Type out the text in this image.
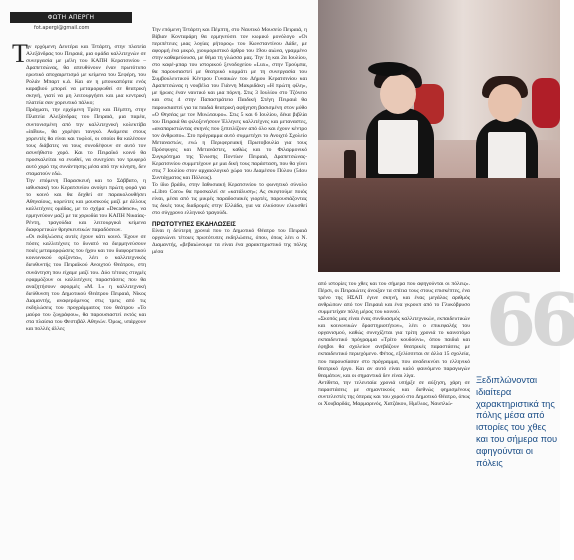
ΦΩΤΗ ΑΠΕΡΓΗ
fot.apergi@gmail.com
Τ

ην ερχόμενη Δευτέρα και Τετάρτη, στην πλατεία Αλεξάνδρας του Πειραιά, μια ομάδα καλλιτεχνών σε συνεργασία με μέλη του ΚΑΠΗ Κερατσινίου – Δραπετσώνας, θα απευθύνουν έναν πρωτότυπο ερωτικό αποχαιρετισμό με κείμενα του Σεφέρη, του Ρολάν Μπαρτ κ.ά. Και αν η μπουκαπόρτα ενός καραβιού μπορεί να μεταμορφωθεί σε θεατρική σκηνή, γιατί να μη λειτουργήσει και μια κεντρική πλατεία σαν χορευτικό πάλκο;

Πράγματι, την ερχόμενη Τρίτη και Πέμπτη, στην Πλατεία Αλεξάνδρας του Πειραιά, μια παρέα, συντονισμένη από την καλλιτεχνική κολεκτίβα «inBus», θα χορέψει τανγκό. Ανάμεσα στους χορευτές θα είναι και τυφλοί, οι οποίοι θα καλέσουν τους διάβατες να τους συνοδέψουν σε αυτό τον ασυνήθιστο χορό. Και το Πειραϊκό κοινό θα προσκαλείται να ενωθεί, να συνεχίσει τον τρυφερό αυτό χορό της συνάντησης μέσα από την κίνηση, δεν σταματούν εδώ.

Την επόμενη Παρασκευή και το Σάββατο, η ιαθυσιακή του Κερατσινίου ανοίγει πρώτη φορά για το κοινό και θα δεχθεί σε παρακολουθήσει Αθηναίους, κορεύτες και μουσικούς μαζί με άλλους καλλιτέχνες ομάδας, με το σχήμα «Decadence», να ερμηνεύουν μαζί με τα χορωδία του ΚΑΠΗ Νικαίας-Ρέντη, τραγούδια και λειτουργικά κείμενα διαφορετικών θρησκευτικών παραδόσεων.

«Οι εκδηλώσεις αυτές έχουν κάτι κοινό. Έχουν σε πόσες καλλιτέχνες το δυνατό να διερμηνεύσουν ποιές μεταμορφώσεις του ήχου και του διαφορετικού κοινωνικού ορίζοντα», λέει ο καλλιτεχνικός διευθυντής του Πειραϊκού Ανοιχτού Θεάτρου, στη συνάντηση που είχαμε μαζί του. Δύο τέτοιες στιγμές εφαρμόζουν οι καλλιτέχνες παραστάσεις που θα αναζητήσουν αφορμές «Μ. Ι.» η καλλιτεχνική διεύθυνση του Δημοτικού Θεάτρου Πειραιά, Νίκος Διαμαντής, αναφερόμενος στις τρεις από τις εκδηλώσεις του προγράμματος του θεάτρου «Το μαύρο του ζωγράφου», θα παρουσιαστεί εκτός και στα πλαίσια του Φεστιβάλ Αθηνών. Όμως, υπάρχουν και πολλές άλλες

Την επόμενη Τετάρτη και Πέμπτη, στο Ναυτικό Μουσείο Πειραιά, η Βίβιαν Κονταράρη θα ερμηνεύσει τον κωμικό μονόλογο «Οι περιπέτειες μιας λογίας ρήτορος» του Κωνσταντίνου Δάδε, με αφορμή ένα μικρό, χιουμοριστικό άρθρο του 19ου αιώνα, γραμμένο στην καθαρεύουσα, με θέμα τη γλώσσα μας. Την 1η και 2α Ιουλίου, στο καφέ-μπαρ του ιστορικού ξενοδοχείου «Lux», στην Τρούμπα, θα παρουσιαστεί με θεατρικό κομμάτι με τη συνεργασία του Συμβουλευτικού Κέντρου Γυναικών του Δήμου Κερατσινίου και Δραπετσώνας η νουβέλα του Γιάννη Μακριδάκη «Η πρώτη φίλη», με ήρωες έναν ναυτικό και μια πόρνη. Στις 3 Ιουλίου στο Τζόνειο και στις 4 στην Παπαστράτειο Παιδική Στέγη Πειραιά θα παρουσιαστεί για τα παιδιά θεατρική αφήγηση βασισμένη στον μύθο «Ο Θησέας με τον Μινώταυρο». Στις 5 και 6 Ιουλίου, δέκα βιβλία του Πειραιά θα φιλοξενήσουν Έλληνες καλλιτέχνες και μεταναστες, «αναπαριστώντας σκηνές που ξεπειλίζουν από όλο και έχουν κέντρο τον άνθρωπο». Στο πρόγραμμα αυτό συμμετέχει το Ανοιχτό Σχολείο Μεταναστών, ενώ η Περιφερειακή Πρωτοβουλία για τους Πρόσφυγες και Μετανάστες, καθώς και το Φιλαρμονικό Συγκρότημα της Ένωσης Ποντίων Πειραιά, Δραπετσώνας-Κερατσινίου συμμετέχουν με μια δική τους παράσταση, που θα γίνει στις 7 Ιουλίου στον αρχαιολογικό χώρο του Διαμέσου Πύλου (54ου Συντάγματος και Πόλεως).

Το ίδιο βράδυ, στην Ιαθυσιακή Κερατσινίου το φωνητικό σύνολο «Libro Coro» θα προσκαλεί σε «κατάλυση»; Ας σκεφτούμε ποιός είναι, μέσα από τις μικρές παραδοσιακές γιορτές, παρουσιάζοντας τις δικές τους διαδρομές στην Ελλάδα, για να ελκύσουν ελκυσθεί στο σύγχρονο ελληνικό τραγούδι.

ΠΡΩΤΟΤΥΠΕΣ ΕΚΔΗΛΩΣΕΙΣ

Είναι η δεύτερη χρονιά που το Δημοτικό Θέατρο του Πειραιά οργανώνει τέτοιες πρωτότυπες εκδηλώσεις, όπου, όπως λέει ο Ν. Διαμαντής, «βεβαιώνουμε τα είναι ένα χαρακτηριστικό της πόλης μέσα

από ιστορίες του χθες και του σήμερα που αφηγούνται οι πόλεις». Πέρσι, οι Πειραιώτες άνοιξαν τα σπίτια τους στους επισκέπτες, ένα τρένο της ΗΣΑΠ έγινε σκηνή, και ένας μεγάλος αριθμός ανθρώπων από τον Πειραιά και ένα γκρουπ από το Γλυκόβρυσο συμμετείχαν πόλη μέρος του κοινού.

«Σκοπός μας είναι ένας συνδυασμός καλλιτεχνικών, εκπαιδευτικών και κοινωνικών δραστηριοτήτων», λέει ο επικεφαλής του οργανισμού, καθώς συνεχίζεται για τρίτη χρονιά το καινοτόμο εκπαιδευτικό πρόγραμμα «Τρίτο κουδούνι», όπου παιδιά και έφηβοι θα σχολείων ανεβάζουν θεατρικές παραστάσεις με εκπαιδευτικό περιεχόμενο. Φέτος, εξελίσσεται σε άλλα 15 σχολεία, που παρουσίασαν στο πρόγραμμα, που αναδεικνύει το ελληνικό θεατρικό έργο. Και αν αυτό είναι καλό φαινόμενο παραγωγών θεαμάτων, και οι σημαντικά δεν είναι λίγα.

Αντίθετα, την τελευταία χρονιά υπήρξε σε αύξηση, χάρη σε παραστάσεις με σημαντικούς και διεθνώς φημισμένους συντελεστές της όπερας και του χορού στο Δημοτικό Θέατρο, όπως οι Χουβαρδάς, Μαρμαρινός, Χατζάκου, Ημέλιος, Ναυπλιώ-

66
Ξεδιπλώνονται ιδιαίτερα χαρακτηριστικά της πόλης μέσα από ιστορίες του χθες και του σήμερα που αφηγούνται οι πόλεις
